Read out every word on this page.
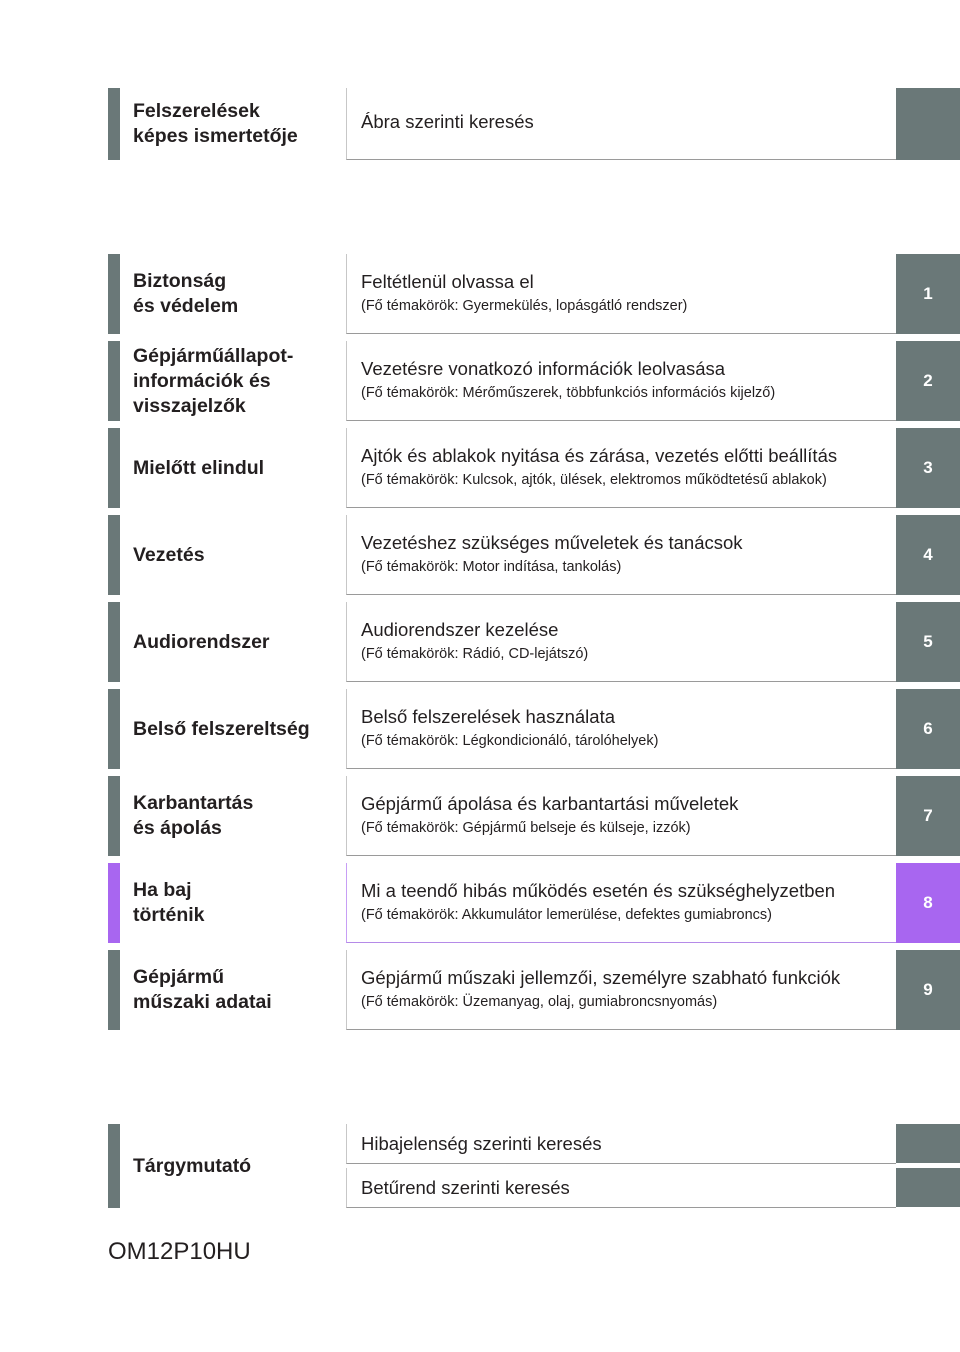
Felszerelések
képes ismertetője
Ábra szerinti keresés
Biztonság
és védelem
Feltétlenül olvassa el
(Fő témakörök: Gyermekülés, lopásgátló rendszer)
1
Gépjárműállapot-
információk és
visszajelzők
Vezetésre vonatkozó információk leolvasása
(Fő témakörök: Mérőműszerek, többfunkciós információs kijelző)
2
Mielőtt elindul
Ajtók és ablakok nyitása és zárása, vezetés előtti beállítás
(Fő témakörök: Kulcsok, ajtók, ülések, elektromos működtetésű ablakok)
3
Vezetés
Vezetéshez szükséges műveletek és tanácsok
(Fő témakörök: Motor indítása, tankolás)
4
Audiorendszer
Audiorendszer kezelése
(Fő témakörök: Rádió, CD-lejátszó)
5
Belső felszereltség
Belső felszerelések használata
(Fő témakörök: Légkondicionáló, tárolóhelyek)
6
Karbantartás
és ápolás
Gépjármű ápolása és karbantartási műveletek
(Fő témakörök: Gépjármű belseje és külseje, izzók)
7
Ha baj
történik
Mi a teendő hibás működés esetén és szükséghelyzetben
(Fő témakörök: Akkumulátor lemerülése, defektes gumiabroncs)
8
Gépjármű
műszaki adatai
Gépjármű műszaki jellemzői, személyre szabható funkciók
(Fő témakörök: Üzemanyag, olaj, gumiabroncsnyomás)
9
Tárgymutató
Hibajelenség szerinti keresés
Betűrend szerinti keresés
OM12P10HU
